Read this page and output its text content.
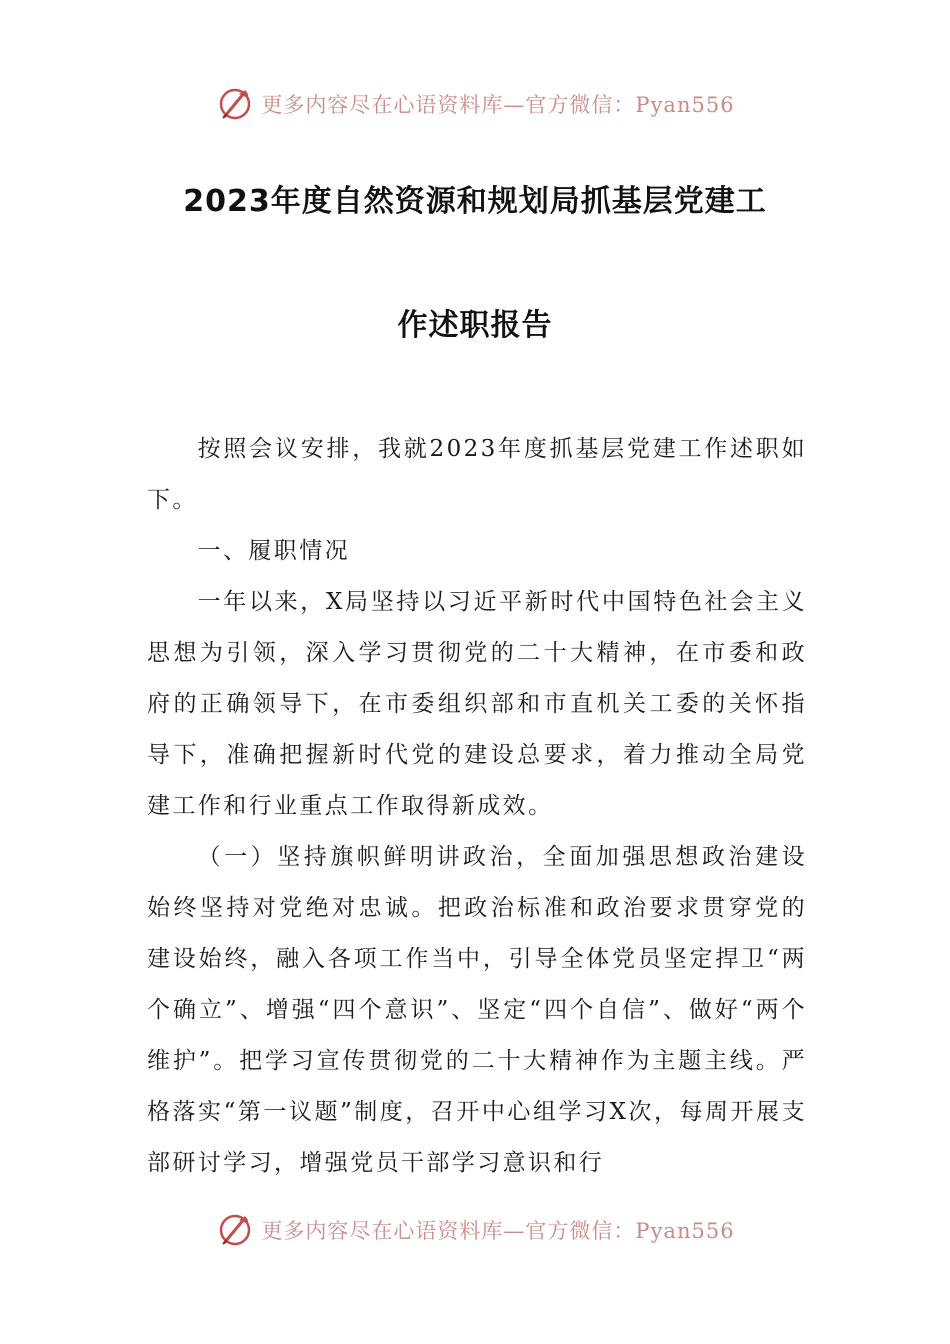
更多内容尽在心语资料库—官方微信：Pyan556
2023年度自然资源和规划局抓基层党建工
作述职报告

按照会议安排，我就2023年度抓基层党建工作述职如下。

一、履职情况

一年以来，X局坚持以习近平新时代中国特色社会主义思想为引领，深入学习贯彻党的二十大精神，在市委和政府的正确领导下，在市委组织部和市直机关工委的关怀指导下，准确把握新时代党的建设总要求，着力推动全局党建工作和行业重点工作取得新成效。

（一）坚持旗帜鲜明讲政治，全面加强思想政治建设始终坚持对党绝对忠诚。把政治标准和政治要求贯穿党的建设始终，融入各项工作当中，引导全体党员坚定捍卫“两个确立”、增强“四个意识”、坚定“四个自信”、做好“两个维护”。把学习宣传贯彻党的二十大精神作为主题主线。严格落实“第一议题”制度，召开中心组学习X次，每周开展支部研讨学习，增强党员干部学习意识和行

更多内容尽在心语资料库—官方微信：Pyan556
